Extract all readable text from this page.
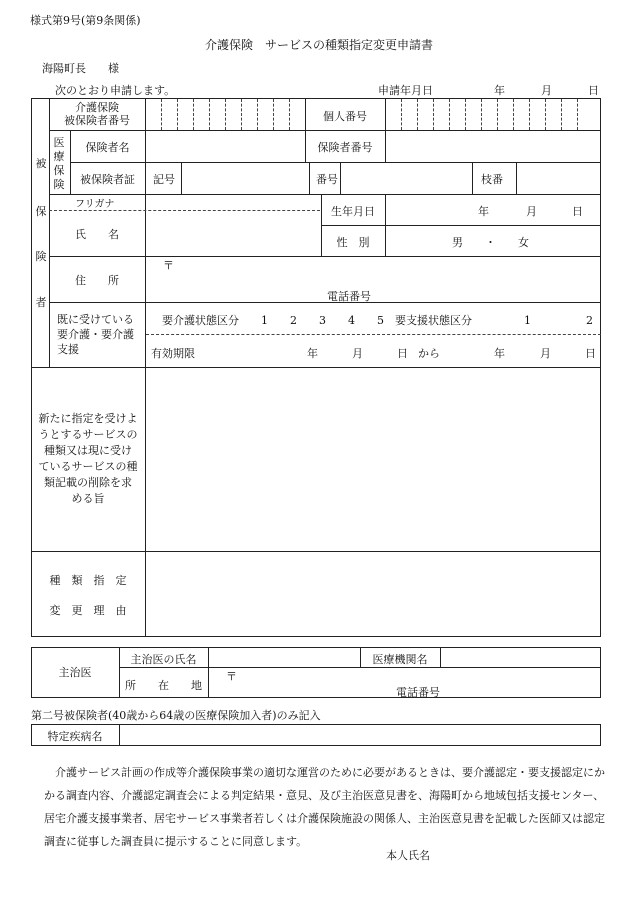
様式第9号(第9条関係)
介護保険　サービスの種類指定変更申請書
海陽町長　　様
次のとおり申請します。	申請年月日	年	月	日
被
保
険
者
介護保険
被保険者番号	個人番号
医
療
保
険
保険者名	保険者番号
被保険者証	記号	番号	枝番
フリガナ
氏　　名
生年月日	年	月	日
性　別	男　　・　　女
住　　所
〒
電話番号
既に受けている
要介護・要介護
支援
要介護状態区分 1　　2　　3　　4　　5 要支援状態区分	1　　　　　2
有効期限	年	月	日 から	年	月	日
新たに指定を受けよ
うとするサービスの
種類又は現に受け
ているサービスの種
類記載の削除を求
める旨
種　類　指　定
変　更　理　由
主治医
主治医の氏名	医療機関名
所　　在　　地
〒
電話番号
第二号被保険者(40歳から64歳の医療保険加入者)のみ記入
特定疾病名
　介護サービス計画の作成等介護保険事業の適切な運営のために必要があるときは、要介護認定・要支援認定にかかる調査内容、介護認定調査会による判定結果・意見、及び主治医意見書を、海陽町から地域包括支援センター、居宅介護支援事業者、居宅サービス事業者若しくは介護保険施設の関係人、主治医意見書を記載した医師又は認定調査に従事した調査員に提示することに同意します。
本人氏名
